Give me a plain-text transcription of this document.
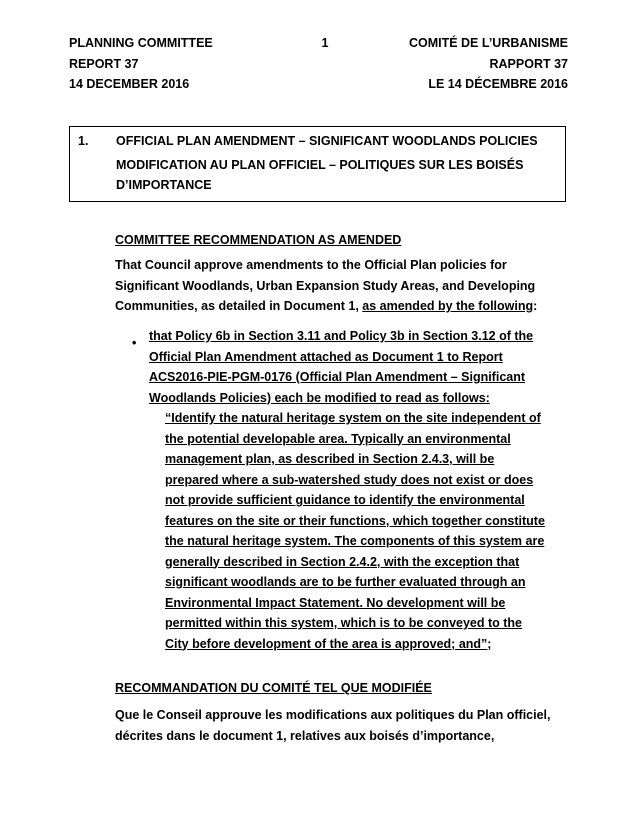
PLANNING COMMITTEE
REPORT 37
14 DECEMBER 2016
1	COMITÉ DE L’URBANISME
RAPPORT 37
LE 14 DÉCEMBRE 2016
1. OFFICIAL PLAN AMENDMENT – SIGNIFICANT WOODLANDS POLICIES
MODIFICATION AU PLAN OFFICIEL – POLITIQUES SUR LES BOISÉS D’IMPORTANCE
COMMITTEE RECOMMENDATION AS AMENDED
That Council approve amendments to the Official Plan policies for Significant Woodlands, Urban Expansion Study Areas, and Developing Communities, as detailed in Document 1, as amended by the following:
• that Policy 6b in Section 3.11 and Policy 3b in Section 3.12 of the Official Plan Amendment attached as Document 1 to Report ACS2016-PIE-PGM-0176 (Official Plan Amendment – Significant Woodlands Policies) each be modified to read as follows:
“Identify the natural heritage system on the site independent of the potential developable area. Typically an environmental management plan, as described in Section 2.4.3, will be prepared where a sub-watershed study does not exist or does not provide sufficient guidance to identify the environmental features on the site or their functions, which together constitute the natural heritage system. The components of this system are generally described in Section 2.4.2, with the exception that significant woodlands are to be further evaluated through an Environmental Impact Statement. No development will be permitted within this system, which is to be conveyed to the City before development of the area is approved; and”;
RECOMMANDATION DU COMITÉ TEL QUE MODIFIÉE
Que le Conseil approuve les modifications aux politiques du Plan officiel, décrites dans le document 1, relatives aux boisés d’importance,
